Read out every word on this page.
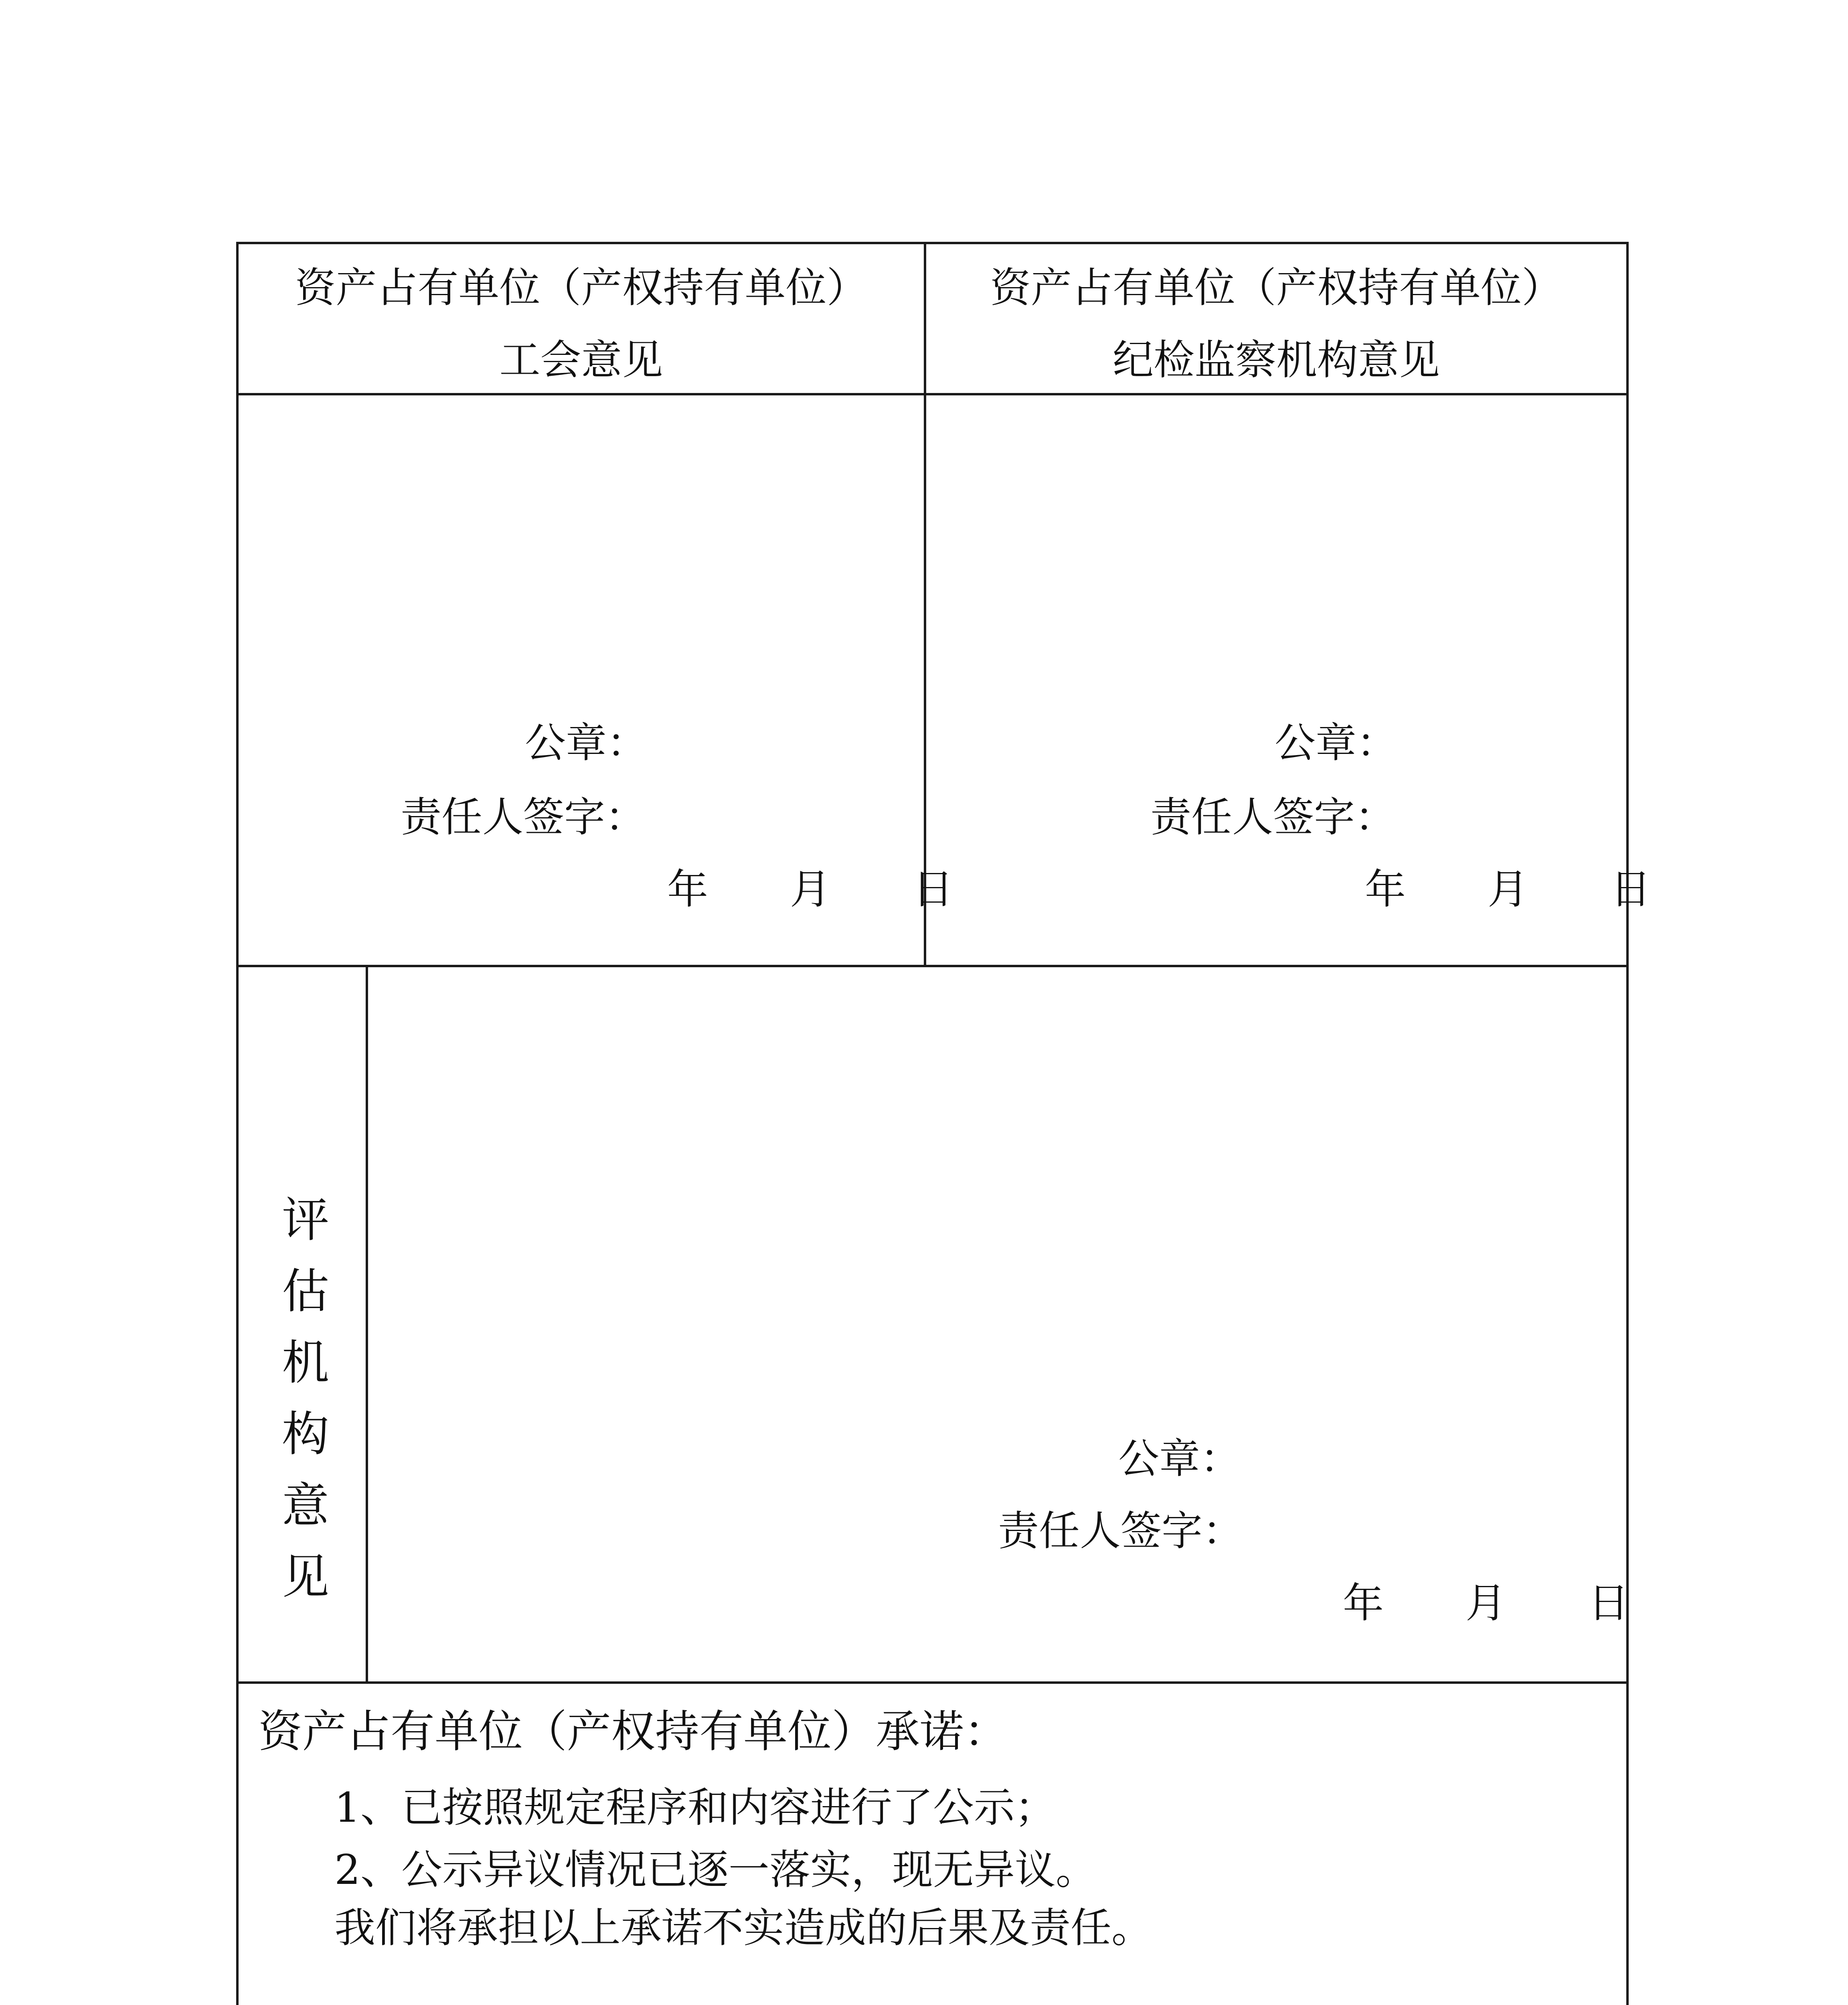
资产占有单位（产权持有单位）
工会意见
公章：
责任人签字：
年　　月　　日
资产占有单位（产权持有单位）
纪检监察机构意见
公章：
责任人签字：
年　　月　　日
评估机构意见	公章：
责任人签字：
年　　月　　日
资产占有单位（产权持有单位）承诺：
1、已按照规定程序和内容进行了公示；
2、公示异议情况已逐一落实，现无异议。
我们将承担以上承诺不实造成的后果及责任。
